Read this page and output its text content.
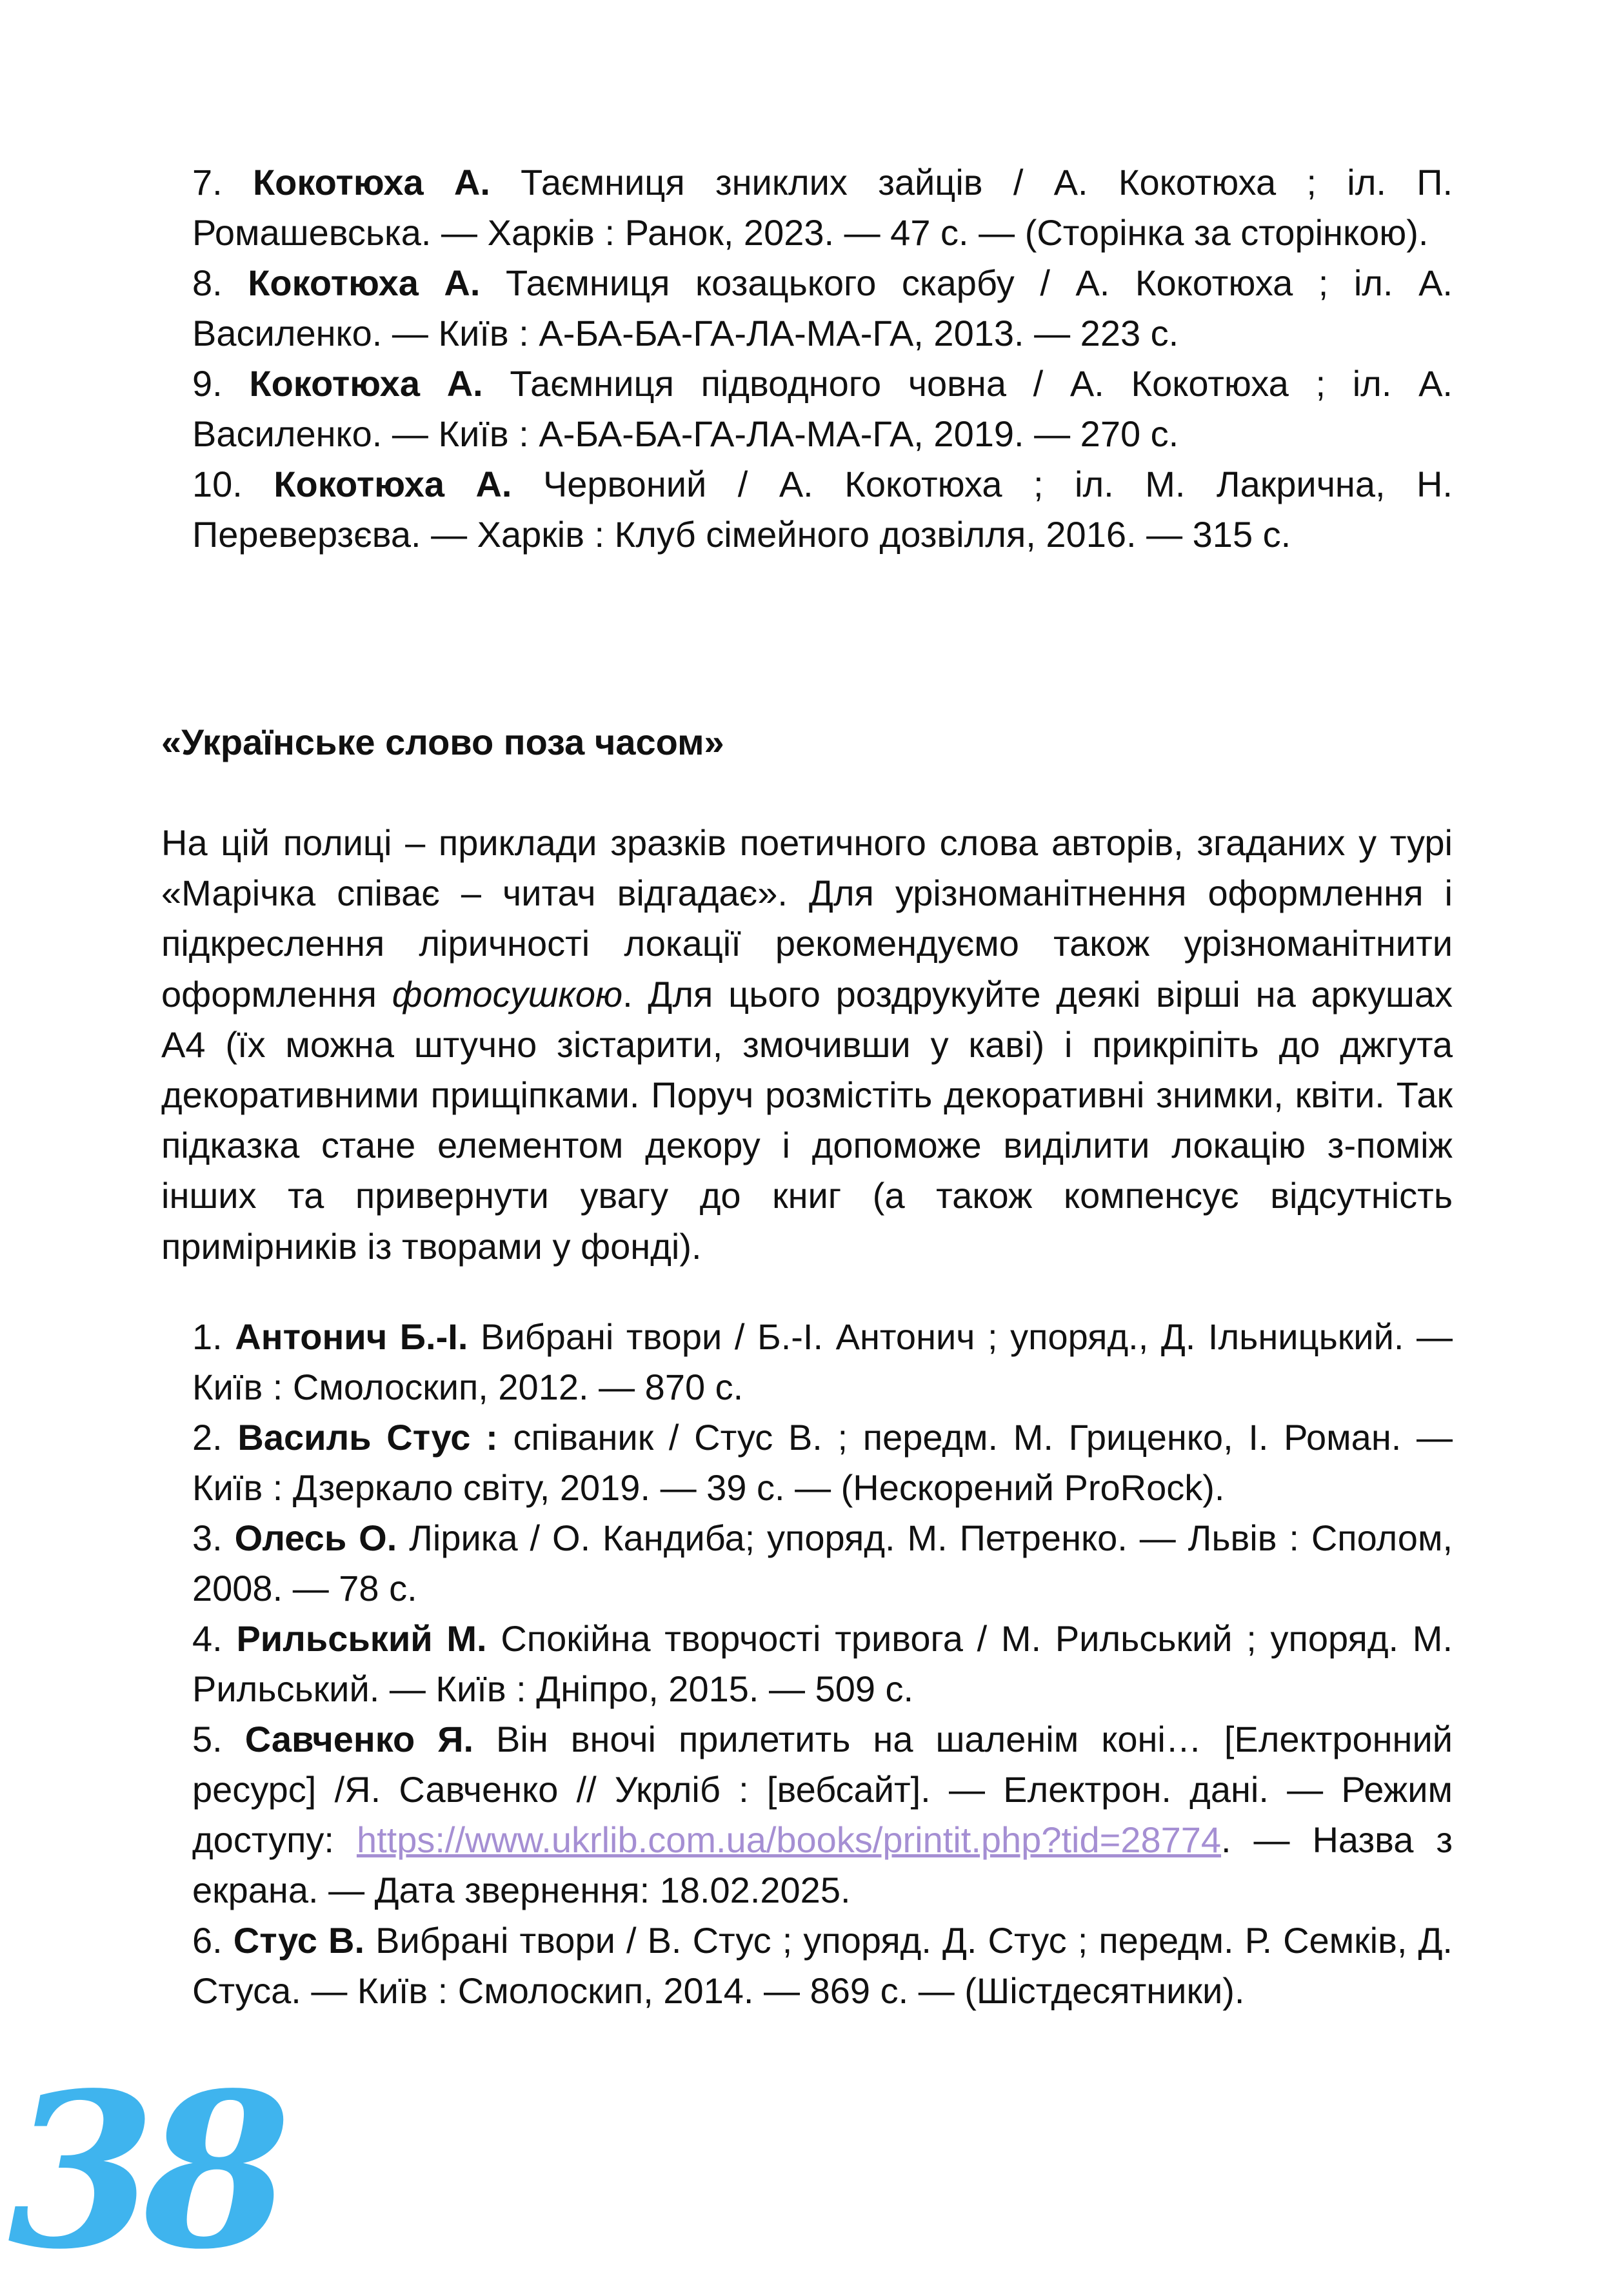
7. Кокотюха А. Таємниця зниклих зайців / А. Кокотюха ; іл. П. Ромашевська. — Харків : Ранок, 2023. — 47 с. — (Сторінка за сторінкою).

8. Кокотюха А. Таємниця козацького скарбу / А. Кокотюха ; іл. А. Василенко. — Київ : А-БА-БА-ГА-ЛА-МА-ГА, 2013. — 223 с.

9. Кокотюха А. Таємниця підводного човна / А. Кокотюха ; іл. А. Василенко. — Київ : А-БА-БА-ГА-ЛА-МА-ГА, 2019. — 270 с.

10. Кокотюха А. Червоний / А. Кокотюха ; іл. М. Лакрична, Н. Переверзєва. — Харків : Клуб сімейного дозвілля, 2016. — 315 с.

«Українське слово поза часом»

На цій полиці – приклади зразків поетичного слова авторів, згаданих у турі «Марічка співає – читач відгадає». Для урізноманітнення оформлення і підкреслення ліричності локації рекомендуємо також урізноманітнити оформлення фотосушкою. Для цього роздрукуйте деякі вірші на аркушах А4 (їх можна штучно зістарити, змочивши у каві) і прикріпіть до джгута декоративними прищіпками. Поруч розмістіть декоративні знимки, квіти. Так підказка стане елементом декору і допоможе виділити локацію з-поміж інших та привернути увагу до книг (а також компенсує відсутність примірників із творами у фонді).

1. Антонич Б.-І. Вибрані твори / Б.-І. Антонич ; упоряд., Д. Ільницький. — Київ : Смолоскип, 2012. — 870 с.

2. Василь Стус : співаник / Стус В. ; передм. М. Гриценко, І. Роман. — Київ : Дзеркало світу, 2019. — 39 с. — (Нескорений ProRock).

3. Олесь О. Лірика / О. Кандиба; упоряд. М. Петренко. — Львів : Сполом, 2008. — 78 с.

4. Рильський М. Спокійна творчості тривога / М. Рильський ; упоряд. М. Рильський. — Київ : Дніпро, 2015. — 509 с.

5. Савченко Я. Він вночі прилетить на шаленім коні… [Електронний ресурс] /Я. Савченко // Укрліб : [вебсайт]. — Електрон. дані. — Режим доступу: https://www.ukrlib.com.ua/books/printit.php?tid=28774. — Назва з екрана. — Дата звернення: 18.02.2025.

6. Стус В. Вибрані твори / В. Стус ; упоряд. Д. Стус ; передм. Р. Семків, Д. Стуса. — Київ : Смолоскип, 2014. — 869 с. — (Шістдесятники).

38
